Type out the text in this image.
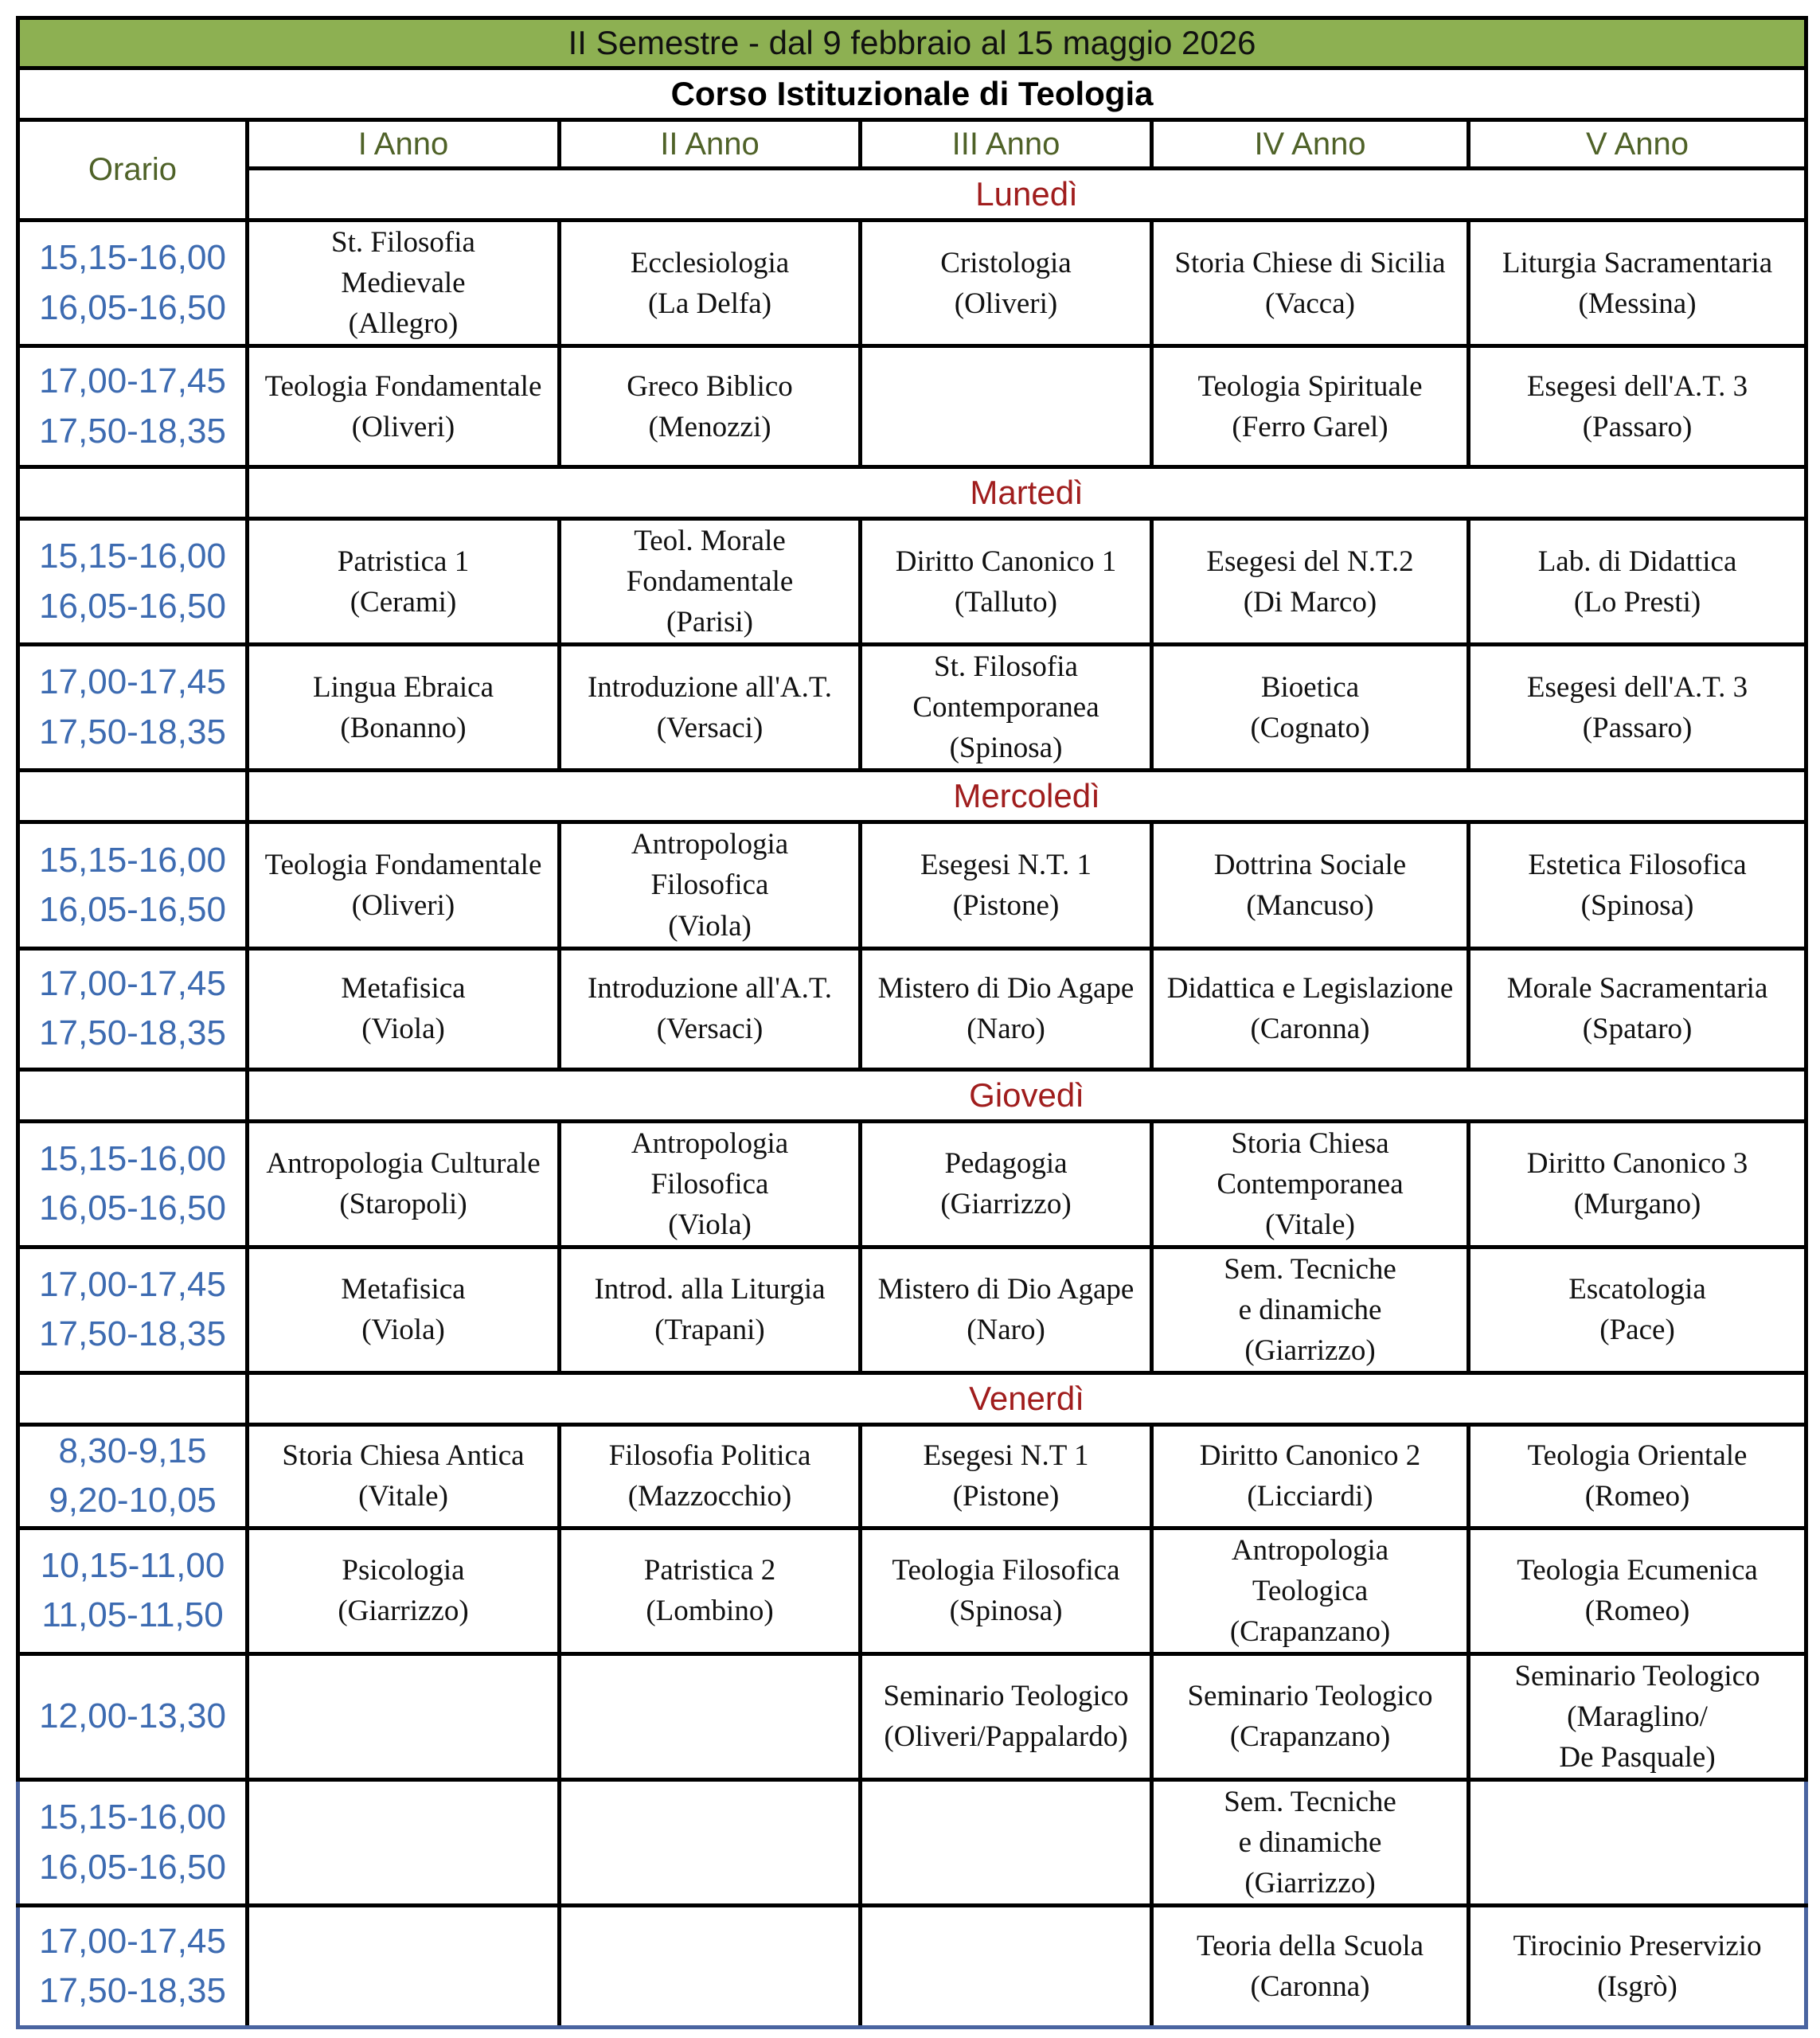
II Semestre - dal 9 febbraio al 15 maggio 2026					
Corso Istituzionale di Teologia					
Orario	I Anno	II Anno	III Anno	IV Anno	V Anno
	Lunedì				

15,15-16,00
16,05-16,50	St. Filosofia
Medievale
(Allegro)	Ecclesiologia
(La Delfa)	Cristologia
(Oliveri)	Storia Chiese di Sicilia
(Vacca)	Liturgia Sacramentaria
(Messina)

17,00-17,45
17,50-18,35	Teologia Fondamentale
(Oliveri)	Greco Biblico
(Menozzi)		Teologia Spirituale
(Ferro Garel)	Esegesi dell'A.T. 3
(Passaro)

	Martedì				

15,15-16,00
16,05-16,50	Patristica 1
(Cerami)	Teol. Morale
Fondamentale
(Parisi)	Diritto Canonico 1
(Talluto)	Esegesi del N.T.2
(Di Marco)	Lab. di Didattica
(Lo Presti)

17,00-17,45
17,50-18,35	Lingua Ebraica
(Bonanno)	Introduzione all'A.T.
(Versaci)	St. Filosofia
Contemporanea
(Spinosa)	Bioetica
(Cognato)	Esegesi dell'A.T. 3
(Passaro)

	Mercoledì				

15,15-16,00
16,05-16,50	Teologia Fondamentale
(Oliveri)	Antropologia
Filosofica
(Viola)	Esegesi N.T. 1
(Pistone)	Dottrina Sociale
(Mancuso)	Estetica Filosofica
(Spinosa)

17,00-17,45
17,50-18,35	Metafisica
(Viola)	Introduzione all'A.T.
(Versaci)	Mistero di Dio Agape
(Naro)	Didattica e Legislazione
(Caronna)	Morale Sacramentaria
(Spataro)

	Giovedì				

15,15-16,00
16,05-16,50	Antropologia Culturale
(Staropoli)	Antropologia
Filosofica
(Viola)	Pedagogia
(Giarrizzo)	Storia Chiesa
Contemporanea
(Vitale)	Diritto Canonico 3
(Murgano)

17,00-17,45
17,50-18,35	Metafisica
(Viola)	Introd. alla Liturgia
(Trapani)	Mistero di Dio Agape
(Naro)	Sem. Tecniche
e dinamiche
(Giarrizzo)	Escatologia
(Pace)

	Venerdì				

8,30-9,15
9,20-10,05	Storia Chiesa Antica
(Vitale)	Filosofia Politica
(Mazzocchio)	Esegesi N.T 1
(Pistone)	Diritto Canonico 2
(Licciardi)	Teologia Orientale
(Romeo)

10,15-11,00
11,05-11,50	Psicologia
(Giarrizzo)	Patristica 2
(Lombino)	Teologia Filosofica
(Spinosa)	Antropologia
Teologica
(Crapanzano)	Teologia Ecumenica
(Romeo)

12,00-13,30			Seminario Teologico
(Oliveri/Pappalardo)	Seminario Teologico
(Crapanzano)	Seminario Teologico
(Maraglino/
De Pasquale)

15,15-16,00
16,05-16,50				Sem. Tecniche
e dinamiche
(Giarrizzo)	

17,00-17,45
17,50-18,35				Teoria della Scuola
(Caronna)	Tirocinio Preservizio
(Isgrò)
